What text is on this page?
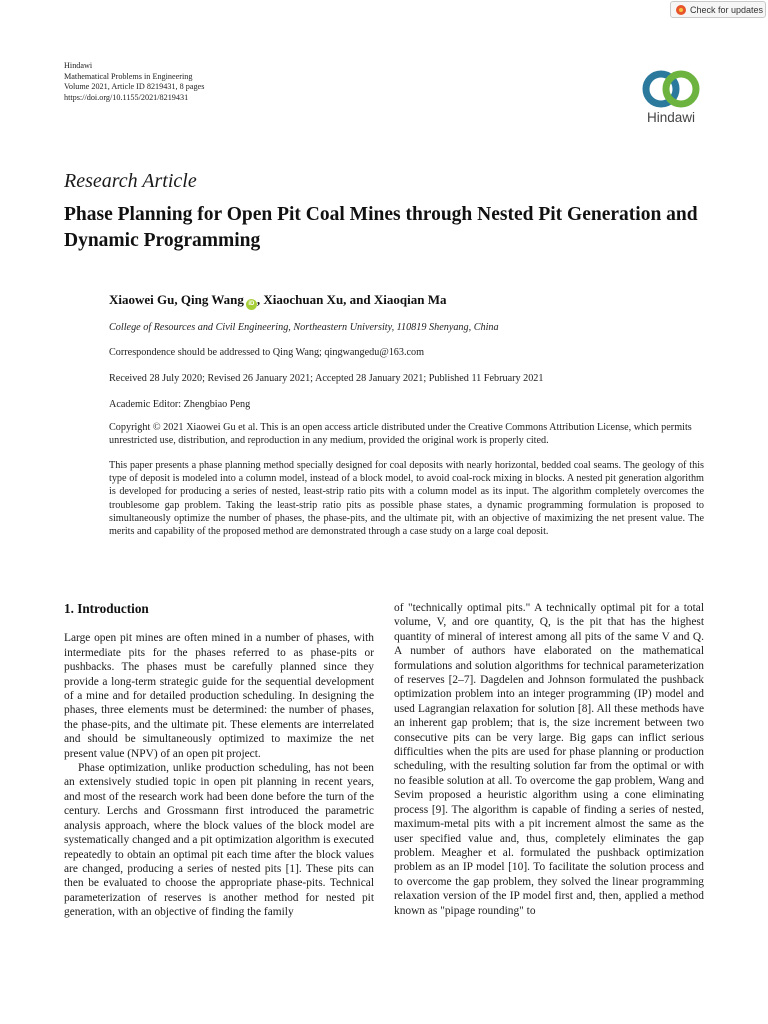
Check for updates
Hindawi
Mathematical Problems in Engineering
Volume 2021, Article ID 8219431, 8 pages
https://doi.org/10.1155/2021/8219431
Hindawi
Research Article
Phase Planning for Open Pit Coal Mines through Nested Pit Generation and Dynamic Programming
Xiaowei Gu, Qing Wang iD , Xiaochuan Xu, and Xiaoqian Ma
College of Resources and Civil Engineering, Northeastern University, 110819 Shenyang, China
Correspondence should be addressed to Qing Wang; qingwangedu@163.com
Received 28 July 2020; Revised 26 January 2021; Accepted 28 January 2021; Published 11 February 2021
Academic Editor: Zhengbiao Peng
Copyright © 2021 Xiaowei Gu et al. This is an open access article distributed under the Creative Commons Attribution License, which permits unrestricted use, distribution, and reproduction in any medium, provided the original work is properly cited.
This paper presents a phase planning method specially designed for coal deposits with nearly horizontal, bedded coal seams. The geology of this type of deposit is modeled into a column model, instead of a block model, to avoid coal-rock mixing in blocks. A nested pit generation algorithm is developed for producing a series of nested, least-strip ratio pits with a column model as its input. The algorithm completely overcomes the troublesome gap problem. Taking the least-strip ratio pits as possible phase states, a dynamic programming formulation is proposed to simultaneously optimize the number of phases, the phase-pits, and the ultimate pit, with an objective of maximizing the net present value. The merits and capability of the proposed method are demonstrated through a case study on a large coal deposit.
1. Introduction

Large open pit mines are often mined in a number of phases, with intermediate pits for the phases referred to as phase-pits or pushbacks. The phases must be carefully planned since they provide a long-term strategic guide for the sequential development of a mine and for detailed production scheduling. In designing the phases, three elements must be determined: the number of phases, the phase-pits, and the ultimate pit. These elements are interrelated and should be simultaneously optimized to maximize the net present value (NPV) of an open pit project.

Phase optimization, unlike production scheduling, has not been an extensively studied topic in open pit planning in recent years, and most of the research work had been done before the turn of the century. Lerchs and Grossmann first introduced the parametric analysis approach, where the block values of the block model are systematically changed and a pit optimization algorithm is executed repeatedly to obtain an optimal pit each time after the block values are changed, producing a series of nested pits [1]. These pits can then be evaluated to choose the appropriate phase-pits. Technical parameterization of reserves is another method for nested pit generation, with an objective of finding the family

of "technically optimal pits." A technically optimal pit for a total volume, V, and ore quantity, Q, is the pit that has the highest quantity of mineral of interest among all pits of the same V and Q. A number of authors have elaborated on the mathematical formulations and solution algorithms for technical parameterization of reserves [2–7]. Dagdelen and Johnson formulated the pushback optimization problem into an integer programming (IP) model and used Lagrangian relaxation for solution [8]. All these methods have an inherent gap problem; that is, the size increment between two consecutive pits can be very large. Big gaps can inflict serious difficulties when the pits are used for phase planning or production scheduling, with the resulting solution far from the optimal or with no feasible solution at all. To overcome the gap problem, Wang and Sevim proposed a heuristic algorithm using a cone eliminating process [9]. The algorithm is capable of finding a series of nested, maximum-metal pits with a pit increment almost the same as the user specified value and, thus, completely eliminates the gap problem. Meagher et al. formulated the pushback optimization problem as an IP model [10]. To facilitate the solution process and to overcome the gap problem, they solved the linear programming relaxation version of the IP model first and, then, applied a method known as "pipage rounding" to
